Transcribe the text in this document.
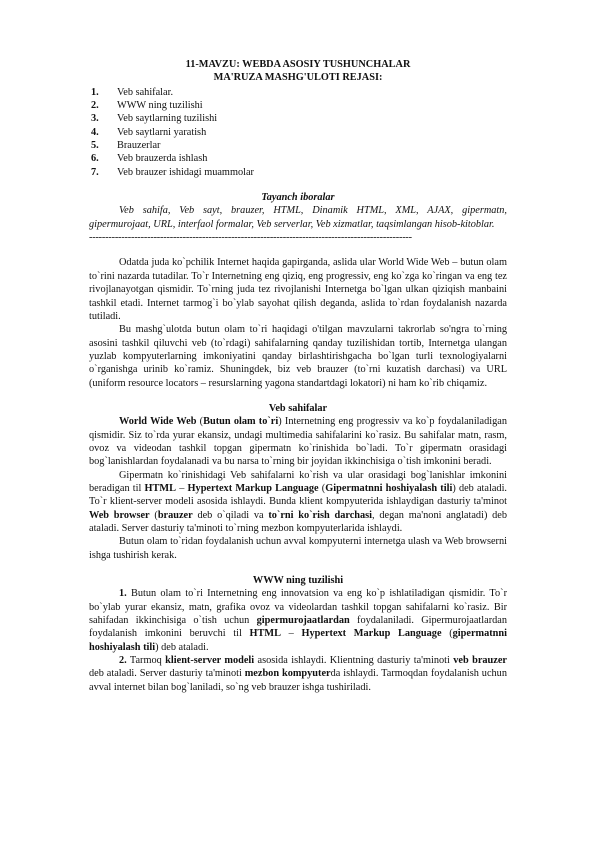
11-MAVZU: WEBDA ASOSIY TUSHUNCHALAR

MA'RUZA MASHG'ULOTI REJASI:

1.	Veb sahifalar.
2.	WWW ning tuzilishi
3.	Veb saytlarning tuzilishi
4.	Veb saytlarni yaratish
5.	Brauzerlar
6.	Veb brauzerda ishlash
7.	Veb brauzer ishidagi muammolar

Tayanch iboralar

Veb sahifa, Veb sayt, brauzer, HTML, Dinamik HTML, XML, AJAX, gipermatn, gipermurojaat, URL, interfaol formalar, Veb serverlar, Veb xizmatlar, taqsimlangan hisob-kitoblar.

----------------------------------------------------------------------------------------------------

Odatda juda ko`pchilik Internet haqida gapirganda, aslida ular World Wide Web – butun olam to`rini nazarda tutadilar. To`r Internetning eng qiziq, eng progressiv, eng ko`zga ko`ringan va eng tez rivojlanayotgan qismidir. To`rning juda tez rivojlanishi Internetga bo`lgan ulkan qiziqish manbaini tashkil etadi. Internet tarmog`i bo`ylab sayohat qilish deganda, aslida to`rdan foydalanish nazarda tutiladi.

Bu mashg`ulotda butun olam to`ri haqidagi o'tilgan mavzularni takrorlab so'ngra to`rning asosini tashkil qiluvchi veb (to`rdagi) sahifalarning qanday tuzilishidan tortib, Internetga ulangan yuzlab kompyuterlarning imkoniyatini qanday birlashtirishgacha bo`lgan turli texnologiyalarni o`rganishga urinib ko`ramiz. Shuningdek, biz veb brauzer (to`rni kuzatish darchasi) va URL (uniform resource locators – resurslarning yagona standartdagi lokatori) ni ham ko`rib chiqamiz.

Veb sahifalar

World Wide Web (Butun olam to`ri) Internetning eng progressiv va ko`p foydalaniladigan qismidir. Siz to`rda yurar ekansiz, undagi multimedia sahifalarini ko`rasiz. Bu sahifalar matn, rasm, ovoz va videodan tashkil topgan gipermatn ko`rinishida bo`ladi. To`r gipermatn orasidagi bog`lanishlardan foydalanadi va bu narsa to`rning bir joyidan ikkinchisiga o`tish imkonini beradi.

Gipermatn ko`rinishidagi Veb sahifalarni ko`rish va ular orasidagi bog`lanishlar imkonini beradigan til HTML – Hypertext Markup Language (Gipermatnni hoshiyalash tili) deb ataladi. To`r klient-server modeli asosida ishlaydi. Bunda klient kompyuterida ishlaydigan dasturiy ta'minot Web browser (brauzer deb o`qiladi va to`rni ko`rish darchasi, degan ma'noni anglatadi) deb ataladi. Server dasturiy ta'minoti to`rning mezbon kompyuterlarida ishlaydi.

Butun olam to`ridan foydalanish uchun avval kompyuterni internetga ulash va Web browserni ishga tushirish kerak.

WWW ning tuzilishi

1. Butun olam to`ri Internetning eng innovatsion va eng ko`p ishlatiladigan qismidir. To`r bo`ylab yurar ekansiz, matn, grafika ovoz va videolardan tashkil topgan sahifalarni ko`rasiz. Bir sahifadan ikkinchisiga o`tish uchun gipermurojaatlardan foydalaniladi. Gipermurojaatlardan foydalanish imkonini beruvchi til HTML – Hypertext Markup Language (gipermatnni hoshiyalash tili) deb ataladi.

2. Tarmoq klient-server modeli asosida ishlaydi. Klientning dasturiy ta'minoti veb brauzer deb ataladi. Server dasturiy ta'minoti mezbon kompyuterda ishlaydi. Tarmoqdan foydalanish uchun avval internet bilan bog`laniladi, so`ng veb brauzer ishga tushiriladi.
